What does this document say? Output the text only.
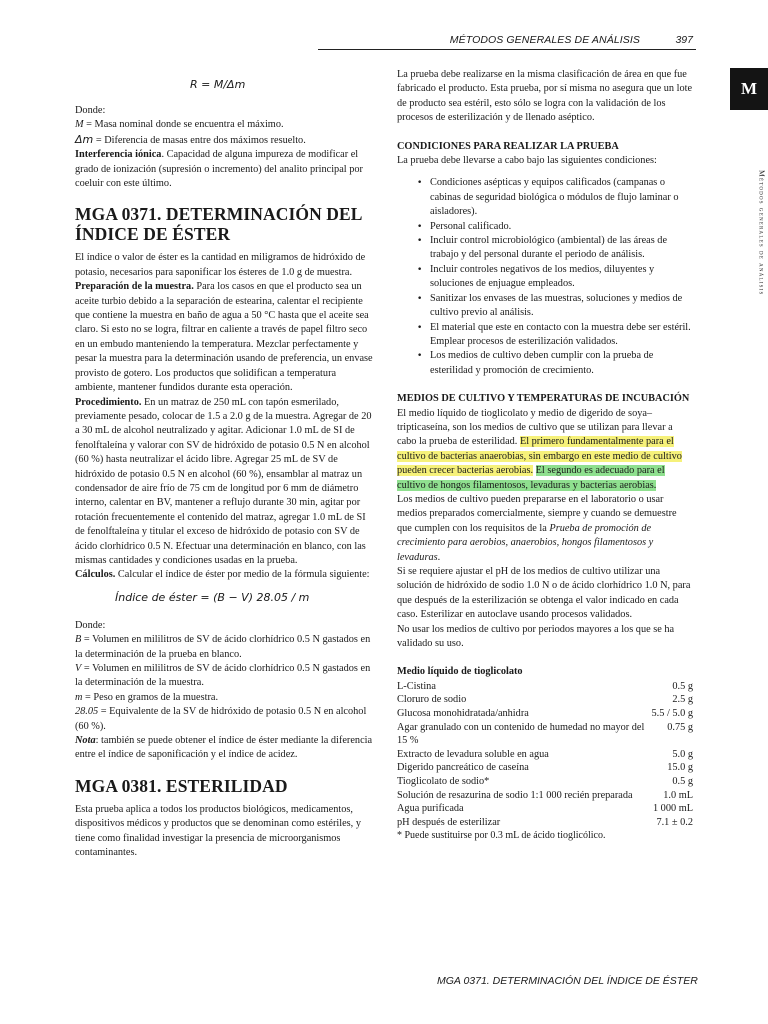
MÉTODOS GENERALES DE ANÁLISIS	397
M
Métodos generales de análisis
R = M/Δm

Donde:

M = Masa nominal donde se encuentra el máximo.

Δm = Diferencia de masas entre dos máximos resuelto.

Interferencia iónica. Capacidad de alguna impureza de modificar el grado de ionización (supresión o incremento) del analito principal por coeluir con este último.

MGA 0371. DETERMINACIÓN DEL
ÍNDICE DE ÉSTER

El índice o valor de éster es la cantidad en miligramos de hidróxido de potasio, necesarios para saponificar los ésteres de 1.0 g de muestra.

Preparación de la muestra. Para los casos en que el producto sea un aceite turbio debido a la separación de estearina, calentar el recipiente que contiene la muestra en baño de agua a 50 °C hasta que el aceite sea claro. Si esto no se logra, filtrar en caliente a través de papel filtro seco en un embudo manteniendo la temperatura. Mezclar perfectamente y pesar la muestra para la determinación usando de preferencia, un envase provisto de gotero. Los productos que solidifican a temperatura ambiente, mantener fundidos durante esta operación.

Procedimiento. En un matraz de 250 mL con tapón esmerilado, previamente pesado, colocar de 1.5 a 2.0 g de la muestra. Agregar de 20 a 30 mL de alcohol neutralizado y agitar. Adicionar 1.0 mL de SI de fenolftaleína y valorar con SV de hidróxido de potasio 0.5 N en alcohol (60 %) hasta neutralizar el ácido libre. Agregar 25 mL de SV de hidróxido de potasio 0.5 N en alcohol (60 %), ensamblar al matraz un condensador de aire frío de 75 cm de longitud por 6 mm de diámetro interno, calentar en BV, mantener a reflujo durante 30 min, agitar por rotación frecuentemente el contenido del matraz, agregar 1.0 mL de SI de fenolftaleína y titular el exceso de hidróxido de potasio con SV de ácido clorhídrico 0.5 N. Efectuar una determinación en blanco, con las mismas cantidades y condiciones usadas en la prueba.

Cálculos. Calcular el índice de éster por medio de la fórmula siguiente:

Índice de éster = (B − V) 28.05 / m

Donde:

B = Volumen en mililitros de SV de ácido clorhídrico 0.5 N gastados en la determinación de la prueba en blanco.

V = Volumen en mililitros de SV de ácido clorhídrico 0.5 N gastados en la determinación de la muestra.

m = Peso en gramos de la muestra.

28.05 = Equivalente de la SV de hidróxido de potasio 0.5 N en alcohol (60 %).

Nota: también se puede obtener el índice de éster mediante la diferencia entre el índice de saponificación y el índice de acidez.

MGA 0381. ESTERILIDAD

Esta prueba aplica a todos los productos biológicos, medicamentos, dispositivos médicos y productos que se denominan como estériles, y tiene como finalidad investigar la presencia de microorganismos contaminantes.

La prueba debe realizarse en la misma clasificación de área en que fue fabricado el producto. Esta prueba, por sí misma no asegura que un lote de producto sea estéril, esto sólo se logra con la validación de los procesos de esterilización y de llenado aséptico.

CONDICIONES PARA REALIZAR LA PRUEBA

La prueba debe llevarse a cabo bajo las siguientes condiciones:

• Condiciones asépticas y equipos calificados (campanas o cabinas de seguridad biológica o módulos de flujo laminar o aisladores).
• Personal calificado.
• Incluir control microbiológico (ambiental) de las áreas de trabajo y del personal durante el periodo de análisis.
• Incluir controles negativos de los medios, diluyentes y soluciones de enjuague empleados.
• Sanitizar los envases de las muestras, soluciones y medios de cultivo previo al análisis.
• El material que este en contacto con la muestra debe ser estéril. Emplear procesos de esterilización validados.
• Los medios de cultivo deben cumplir con la prueba de esterilidad y promoción de crecimiento.

MEDIOS DE CULTIVO Y TEMPERATURAS DE INCUBACIÓN

El medio líquido de tioglicolato y medio de digerido de soya–tripticaseína, son los medios de cultivo que se utilizan para llevar a cabo la prueba de esterilidad. El primero fundamentalmente para el cultivo de bacterias anaerobias, sin embargo en este medio de cultivo pueden crecer bacterias aerobias. El segundo es adecuado para el cultivo de hongos filamentosos, levaduras y bacterias aerobias.

Los medios de cultivo pueden prepararse en el laboratorio o usar medios preparados comercialmente, siempre y cuando se demuestre que cumplen con los requisitos de la Prueba de promoción de crecimiento para aerobios, anaerobios, hongos filamentosos y levaduras.

Si se requiere ajustar el pH de los medios de cultivo utilizar una solución de hidróxido de sodio 1.0 N o de ácido clorhídrico 1.0 N, para que después de la esterilización se obtenga el valor indicado en cada caso. Esterilizar en autoclave usando procesos validados.

No usar los medios de cultivo por periodos mayores a los que se ha validado su uso.

Medio líquido de tioglicolato

L-Cistina	0.5 g
Cloruro de sodio	2.5 g
Glucosa monohidratada/anhidra	5.5 / 5.0 g
Agar granulado con un contenido de humedad no mayor del 15 %	0.75 g
Extracto de levadura soluble en agua	5.0 g
Digerido pancreático de caseína	15.0 g
Tioglicolato de sodio*	0.5 g
Solución de resazurina de sodio 1:1 000 recién preparada	1.0 mL
Agua purificada	1 000 mL
pH después de esterilizar	7.1 ± 0.2

* Puede sustituirse por 0.3 mL de ácido tioglicólico.

MGA 0371. DETERMINACIÓN DEL ÍNDICE DE ÉSTER
